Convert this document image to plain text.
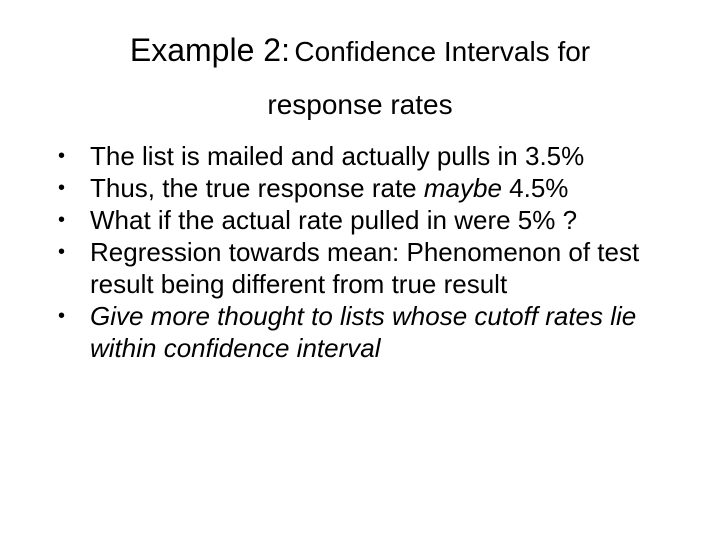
Example 2: Confidence Intervals for
response rates
• The list is mailed and actually pulls in 3.5%
• Thus, the true response rate maybe 4.5%
• What if the actual rate pulled in were 5% ?
• Regression towards mean: Phenomenon of test result being different from true result
• Give more thought to lists whose cutoff rates lie within confidence interval
